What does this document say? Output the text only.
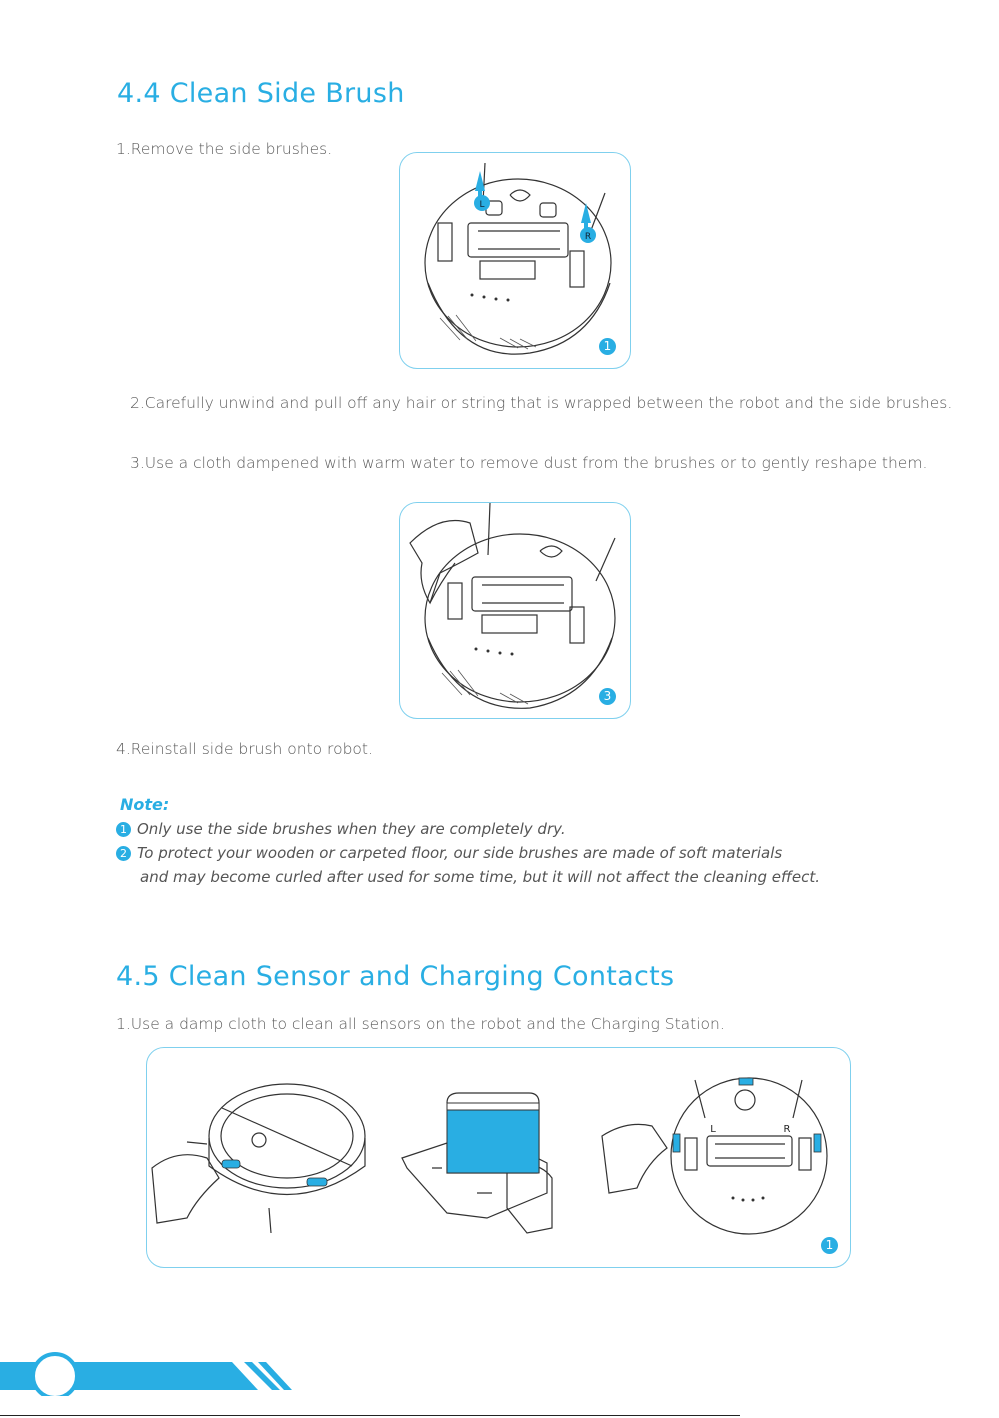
4.4 Clean Side Brush
1.Remove the side brushes.
L
R
1
2.Carefully unwind and pull off any hair or string that is wrapped between the robot and the side brushes.
3.Use a cloth dampened with warm water to remove dust from the brushes or to gently reshape them.
3
4.Reinstall side brush onto robot.
Note:
1 Only use the side brushes when they are completely dry.
2 To protect your wooden or carpeted floor, our side brushes are made of soft materials
and may become curled after used for some time, but it will not affect the cleaning effect.
4.5 Clean Sensor and Charging Contacts
1.Use a damp cloth to clean all sensors on the robot and the Charging Station.
L	R
1
